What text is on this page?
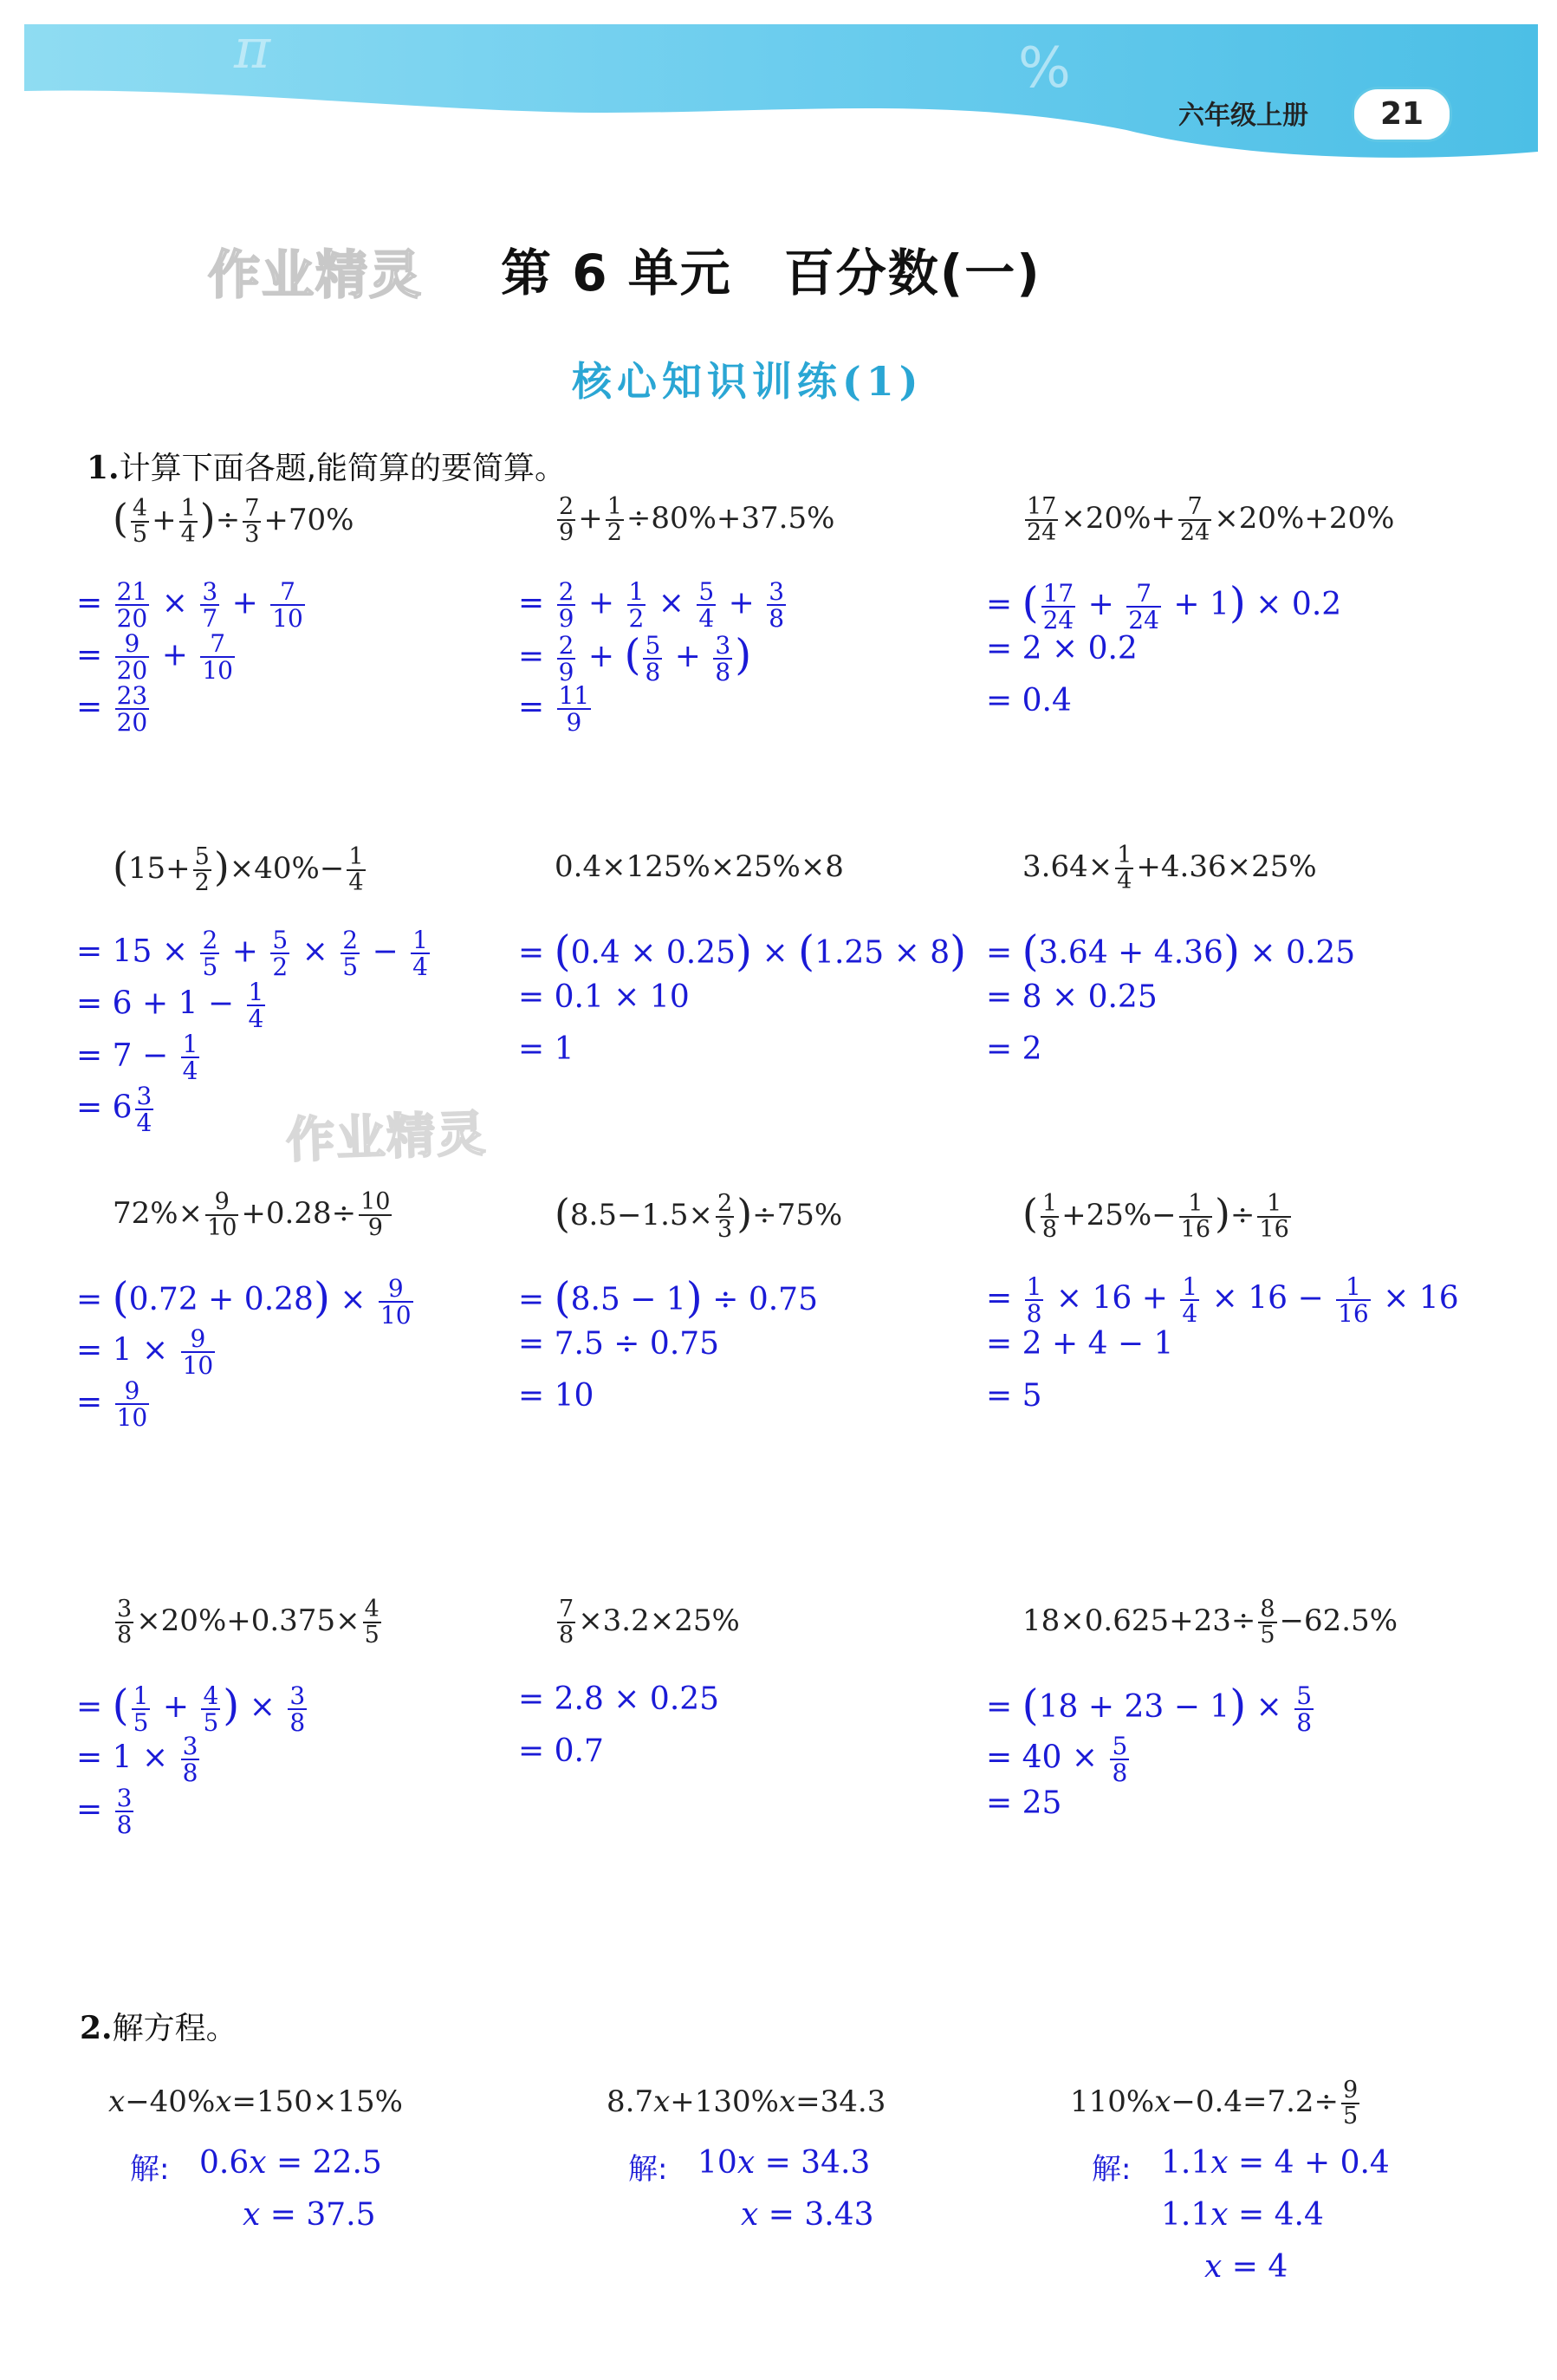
π	%
六年级上册	21
作业精灵
作业精灵
第 6 单元　百分数(一)
核心知识训练(1)
1.计算下面各题,能简算的要简算。
( $\frac{4}{5} + \frac{1}{4}$ )÷ $\frac{7}{3} +70\%$
= $\frac{21}{20} \times \frac{3}{7} + \frac{7}{10}$
= $\frac{9}{20} + \frac{7}{10}$
= $\frac{23}{20}$
$\frac{2}{9} + \frac{1}{2} \div 80\%+37.5\%$
= $\frac{2}{9} + \frac{1}{2} \times \frac{5}{4} + \frac{3}{8}$
= $\frac{2}{9}$ + ( $\frac{5}{8} + \frac{3}{8}$ )
= $\frac{11}{9}$
$\frac{17}{24} \times 20\%+ \frac{7}{24} \times 20\%+20\%$
= ( $\frac{17}{24} + \frac{7}{24} + 1) \times 0.2$
= 2 × 0.2
= 0.4
$(15+ \frac{5}{2} )\times 40\%- \frac{1}{4}$
= $15 \times \frac{2}{5} + \frac{5}{2} \times \frac{2}{5} - \frac{1}{4}$
= $6 + 1 - \frac{1}{4}$
= $7 - \frac{1}{4}$
= $6 \frac{3}{4}$
0.4×125%×25%×8
= (0.4 × 0.25) × (1.25 × 8)
= 0.1 × 10
= 1
$3.64\times \frac{1}{4} +4.36\times 25\%$
= (3.64 + 4.36) × 0.25
= 8 × 0.25
= 2
$72\%\times \frac{9}{10} +0.28\div \frac{10}{9}$
= $(0.72 + 0.28) \times \frac{9}{10}$
= $1 \times \frac{9}{10}$
= $\frac{9}{10}$
$(8.5-1.5\times \frac{2}{3} )\div 75\%$
= (8.5 − 1) ÷ 0.75
= 7.5 ÷ 0.75
= 10
( $\frac{1}{8} +25\%- \frac{1}{16}$ )÷ $\frac{1}{16}$
= $\frac{1}{8} \times 16 + \frac{1}{4} \times 16 - \frac{1}{16} \times 16$
= 2 + 4 − 1
= 5
$\frac{3}{8} \times 20\%+0.375\times \frac{4}{5}$
= ( $\frac{1}{5} + \frac{4}{5}$ ) × $\frac{3}{8}$
= $1 \times \frac{3}{8}$
= $\frac{3}{8}$
$\frac{7}{8} \times 3.2\times 25\%$
= 2.8 × 0.25
= 0.7
$18\times 0.625+23\div \frac{8}{5} -62.5\%$
= $(18 + 23 - 1) \times \frac{5}{8}$
= $40 \times \frac{5}{8}$
= 25
2.解方程。
x−40%x=150×15%
解: 0.6x = 22.5
x = 37.5
8.7x+130%x=34.3
解: 10x = 34.3
x = 3.43
$110\%x-0.4=7.2\div \frac{9}{5}$
解: 1.1x = 4 + 0.4
1.1x = 4.4
x = 4
